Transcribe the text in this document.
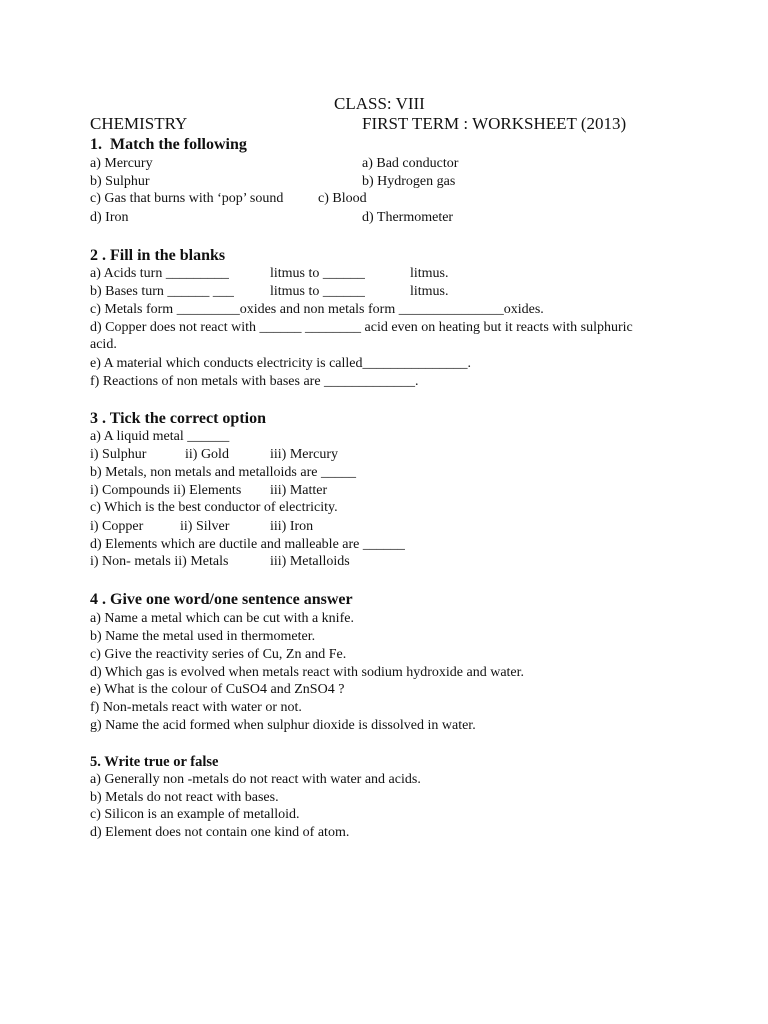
CLASS: VIII
CHEMISTRY	FIRST TERM : WORKSHEET (2013)
1.  Match the following
a) Mercury	a) Bad conductor
b) Sulphur	b) Hydrogen gas
c) Gas that burns with ‘pop’ sound c) Blood
d) Iron	d) Thermometer
2 . Fill in the blanks
a) Acids turn _________	litmus to ______	litmus.
b) Bases turn ______ ___	litmus to ______	litmus.
c) Metals form _________oxides and non metals form _______________oxides.
d) Copper does not react with ______ ________ acid even on heating but it reacts with sulphuric
acid.
e) A material which conducts electricity is called_______________.
f) Reactions of non metals with bases are _____________.
3 . Tick the correct option
a) A liquid metal ______
i) Sulphur	ii) Gold	iii) Mercury
b) Metals, non metals and metalloids are _____
i) Compounds ii) Elements iii) Matter
c) Which is the best conductor of electricity.
i) Copper	ii) Silver	iii) Iron
d) Elements which are ductile and malleable are ______
i) Non- metals ii) Metals	iii) Metalloids
4 . Give one word/one sentence answer
a) Name a metal which can be cut with a knife.
b) Name the metal used in thermometer.
c) Give the reactivity series of Cu, Zn and Fe.
d) Which gas is evolved when metals react with sodium hydroxide and water.
e) What is the colour of CuSO4 and ZnSO4 ?
f) Non-metals react with water or not.
g) Name the acid formed when sulphur dioxide is dissolved in water.
5. Write true or false
a) Generally non -metals do not react with water and acids.
b) Metals do not react with bases.
c) Silicon is an example of metalloid.
d) Element does not contain one kind of atom.
